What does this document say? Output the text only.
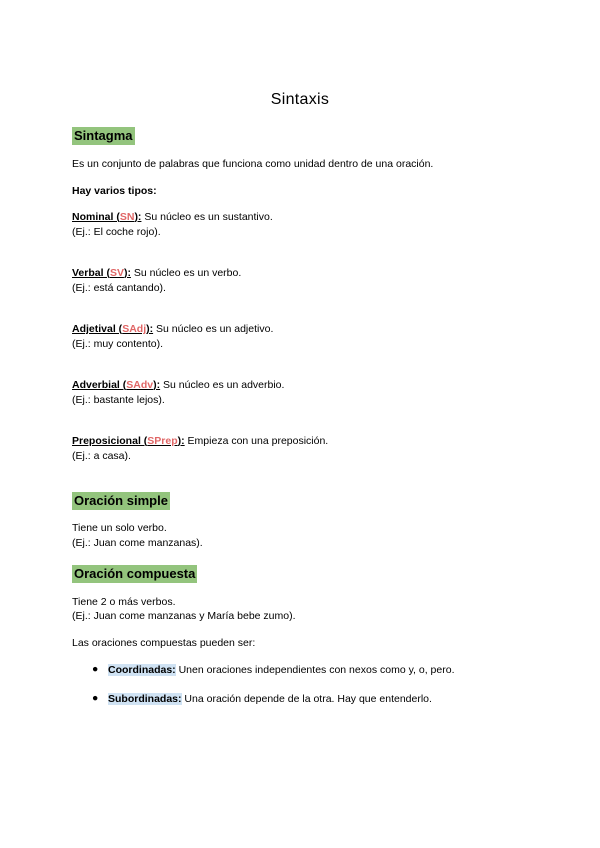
Sintaxis
Sintagma
Es un conjunto de palabras que funciona como unidad dentro de una oración.
Hay varios tipos:
Nominal (SN): Su núcleo es un sustantivo.
(Ej.: El coche rojo).
Verbal (SV): Su núcleo es un verbo.
(Ej.: está cantando).
Adjetival (SAdj): Su núcleo es un adjetivo.
(Ej.: muy contento).
Adverbial (SAdv): Su núcleo es un adverbio.
(Ej.: bastante lejos).
Preposicional (SPrep): Empieza con una preposición.
(Ej.: a casa).
Oración simple
Tiene un solo verbo.
(Ej.: Juan come manzanas).
Oración compuesta
Tiene 2 o más verbos.
(Ej.: Juan come manzanas y María bebe zumo).
Las oraciones compuestas pueden ser:
● Coordinadas: Unen oraciones independientes con nexos como y, o, pero.
● Subordinadas: Una oración depende de la otra. Hay que entenderlo.
